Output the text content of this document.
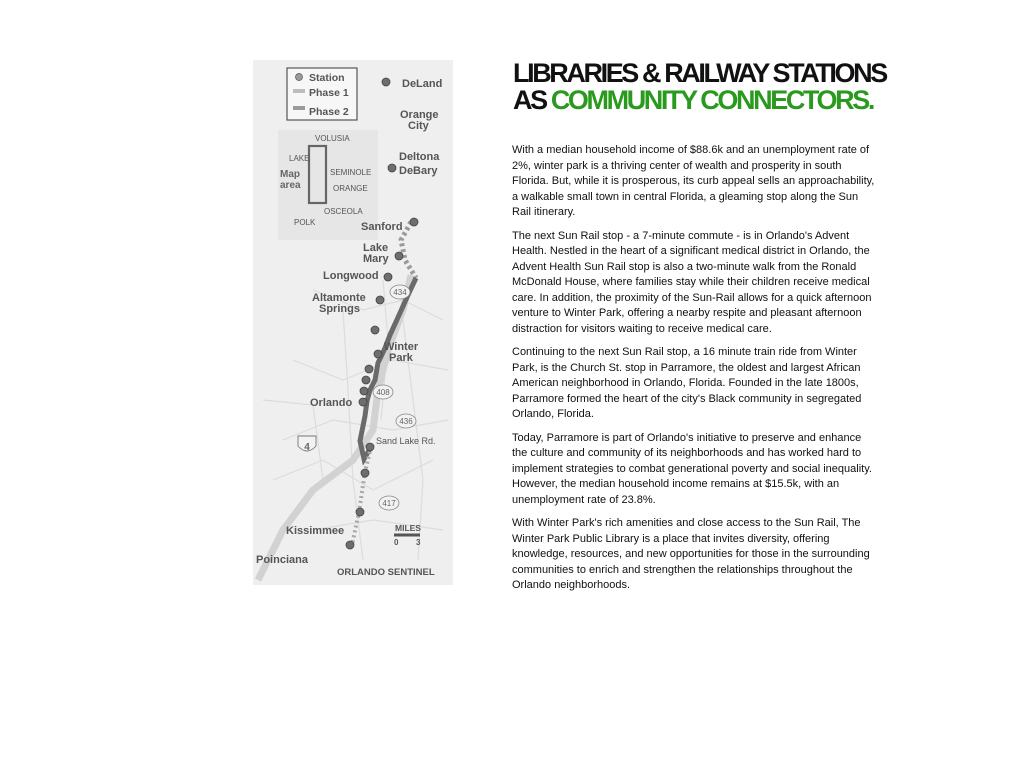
Station
Phase 1
Phase 2
VOLUSIA
LAKE
SEMINOLE
ORANGE
OSCEOLA
POLK
Map
area
DeLand
Orange
City
Deltona
DeBary
Sanford
Lake
Mary
Longwood
Altamonte
Springs
Winter
Park
Orlando
Kissimmee
Poinciana
Sand Lake Rd.
434
408
436
417
4
MILES
0 3
ORLANDO SENTINEL
LIBRARIES & RAILWAY STATIONS
AS COMMUNITY CONNECTORS.

With a median household income of $88.6k and an unemployment rate of 2%, winter park is a thriving center of wealth and prosperity in south Florida. But, while it is prosperous, its curb appeal sells an approachability, a walkable small town in central Florida, a gleaming stop along the Sun Rail itinerary.

The next Sun Rail stop - a 7-minute commute - is in Orlando's Advent Health. Nestled in the heart of a significant medical district in Orlando, the Advent Health Sun Rail stop is also a two-minute walk from the Ronald McDonald House, where families stay while their children receive medical care. In addition, the proximity of the Sun-Rail allows for a quick afternoon venture to Winter Park, offering a nearby respite and pleasant afternoon distraction for visitors waiting to receive medical care.

Continuing to the next Sun Rail stop, a 16 minute train ride from Winter Park, is the Church St. stop in Parramore, the oldest and largest African American neighborhood in Orlando, Florida. Founded in the late 1800s, Parramore formed the heart of the city's Black community in segregated Orlando, Florida.

Today, Parramore is part of Orlando's initiative to preserve and enhance the culture and community of its neighborhoods and has worked hard to implement strategies to combat generational poverty and social inequality. However, the median household income remains at $15.5k, with an unemployment rate of 23.8%.

With Winter Park's rich amenities and close access to the Sun Rail, The Winter Park Public Library is a place that invites diversity, offering knowledge, resources, and new opportunities for those in the surrounding communities to enrich and strengthen the relationships throughout the Orlando neighborhoods.
